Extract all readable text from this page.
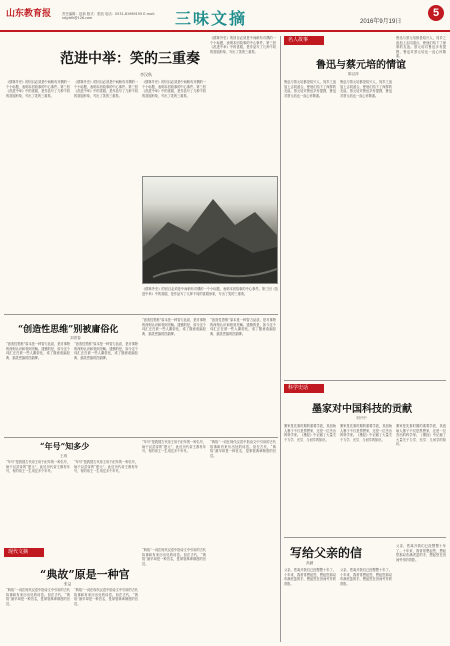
山东教育报	责任编辑：赵新 版式：张凯 电话：0531-81989195 E-mail: sdjybfk@126.com	三味文摘	2016年9月19日
5
范进中举：笑的三重奏
李汉秋
《儒林外史》的回目必须是中间稍有对偶的一个小标题，表明本回故事的中心事件。第三回《范进中举》中的喜剧，是作品写了几种不同的喜剧形象，写出了笑的三重奏。
《儒林外史》的回目必须是中间稍有对偶的一个小标题，表明本回故事的中心事件。第三回《范进中举》中的喜剧，是作品写了几种不同的喜剧形象，写出了笑的三重奏。
《儒林外史》的回目必须是中间稍有对偶的一个小标题，表明本回故事的中心事件。第三回《范进中举》中的喜剧，是作品写了几种不同的喜剧形象，写出了笑的三重奏。
《儒林外史》的回目必须是中间稍有对偶的一个小标题，表明本回故事的中心事件。第三回《范进中举》中的喜剧，是作品写了几种不同的喜剧形象，写出了笑的三重奏。
《儒林外史》的回目必须是中间稍有对偶的一个小标题，表明本回故事的中心事件。第三回《范进中举》中的喜剧，是作品写了几种不同的喜剧形象，写出了笑的三重奏。
“创造性思维”别被庸俗化
刘青春
“创造性思维”原本是一种智力品质，是对事物的深刻认识和独到见解。遗憾的是，如今这个词汇正在被一些人庸俗化，成了随意改编经典、搞笑恶搞的挡箭牌。
“创造性思维”原本是一种智力品质，是对事物的深刻认识和独到见解。遗憾的是，如今这个词汇正在被一些人庸俗化，成了随意改编经典、搞笑恶搞的挡箭牌。
“创造性思维”原本是一种智力品质，是对事物的深刻认识和独到见解。遗憾的是，如今这个词汇正在被一些人庸俗化，成了随意改编经典、搞笑恶搞的挡箭牌。
“创造性思维”原本是一种智力品质，是对事物的深刻认识和独到见解。遗憾的是，如今这个词汇正在被一些人庸俗化，成了随意改编经典、搞笑恶搞的挡箭牌。
“年号”知多少
王玥
“年号”是我国古代帝王用于纪年的一种名号，始于汉武帝的“建元”，此后历代帝王都有年号，有的帝王一生用过多个年号。
“年号”是我国古代帝王用于纪年的一种名号，始于汉武帝的“建元”，此后历代帝王都有年号，有的帝王一生用过多个年号。
“年号”是我国古代帝王用于纪年的一种名号，始于汉武帝的“建元”，此后历代帝王都有年号，有的帝王一生用过多个年号。
现代文摘
“典故”原是一种官
张益
“典故”一词在现代汉语中指诗文中引用的古代故事和有来历出处的词语。但在古代，“典故”最早却是一种官名，是掌管典章制度的官员。
“典故”一词在现代汉语中指诗文中引用的古代故事和有来历出处的词语。但在古代，“典故”最早却是一种官名，是掌管典章制度的官员。
“典故”一词在现代汉语中指诗文中引用的古代故事和有来历出处的词语。但在古代，“典故”最早却是一种官名，是掌管典章制度的官员。
“典故”一词在现代汉语中指诗文中引用的古代故事和有来历出处的词语。但在古代，“典故”最早却是一种官名，是掌管典章制度的官员。
名人故事
鲁迅与蔡元培的情谊
陈汉萍
鲁迅与蔡元培都是绍兴人，同乡之谊加上志同道合，使他们结下了深厚的友谊。蔡元培对鲁迅多有提携，鲁迅对蔡元培也一直心怀敬重。
鲁迅与蔡元培都是绍兴人，同乡之谊加上志同道合，使他们结下了深厚的友谊。蔡元培对鲁迅多有提携，鲁迅对蔡元培也一直心怀敬重。
鲁迅与蔡元培都是绍兴人，同乡之谊加上志同道合，使他们结下了深厚的友谊。蔡元培对鲁迅多有提携，鲁迅对蔡元培也一直心怀敬重。
科学史话
墨家对中国科技的贡献
刘兴中
墨家是先秦时期的重要学派，其创始人墨子不仅是思想家，还是一位杰出的科学家。《墨经》中记载了大量关于力学、光学、几何学的知识。
墨家是先秦时期的重要学派，其创始人墨子不仅是思想家，还是一位杰出的科学家。《墨经》中记载了大量关于力学、光学、几何学的知识。
墨家是先秦时期的重要学派，其创始人墨子不仅是思想家，还是一位杰出的科学家。《墨经》中记载了大量关于力学、光学、几何学的知识。
写给父亲的信
高涵
父亲，您离开我们已经整整十年了。十年来，我常常想起您，想起您那双布满老茧的手，想起您在田间劳作的背影。
父亲，您离开我们已经整整十年了。十年来，我常常想起您，想起您那双布满老茧的手，想起您在田间劳作的背影。
父亲，您离开我们已经整整十年了。十年来，我常常想起您，想起您那双布满老茧的手，想起您在田间劳作的背影。
